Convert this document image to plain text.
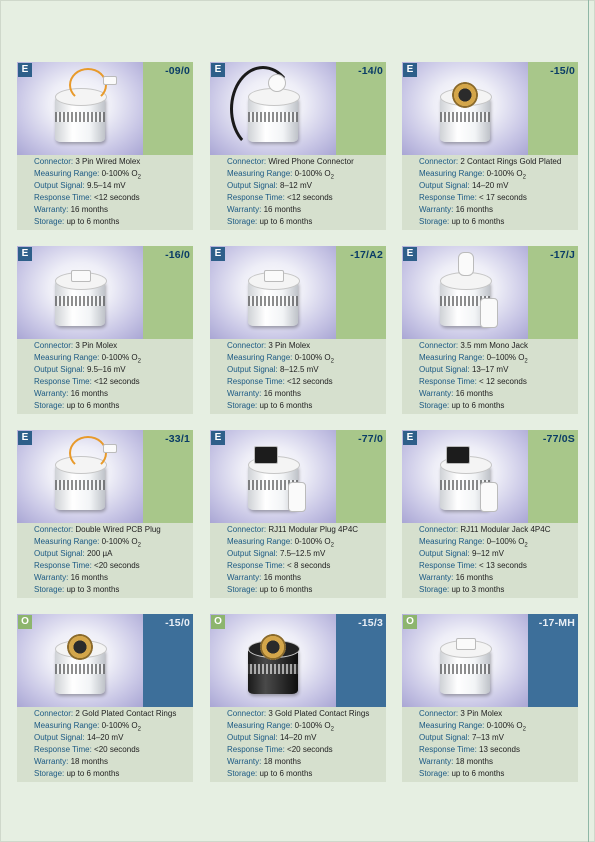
E	-09/0
Connector: 3 Pin Wired Molex
Measuring Range: 0-100% $O_2$
Output Signal: 9.5–14 mV
Response Time: <12 seconds
Warranty: 16 months
Storage: up to 6 months
E	-14/0
Connector: Wired Phone Connector
Measuring Range: 0-100% $O_2$
Output Signal: 8–12 mV
Response Time: <12 seconds
Warranty: 16 months
Storage: up to 6 months
E	-15/0
Connector: 2 Contact Rings Gold Plated
Measuring Range: 0-100% $O_2$
Output Signal: 14–20 mV
Response Time: < 17 seconds
Warranty: 16 months
Storage: up to 6 months
E	-16/0
Connector: 3 Pin Molex
Measuring Range: 0-100% $O_2$
Output Signal: 9.5–16 mV
Response Time: <12 seconds
Warranty: 16 months
Storage: up to 6 months
E	-17/A2
Connector: 3 Pin Molex
Measuring Range: 0-100% $O_2$
Output Signal: 8–12.5 mV
Response Time: <12 seconds
Warranty: 16 months
Storage: up to 6 months
E	-17/J
Connector: 3.5 mm Mono Jack
Measuring Range: 0–100% $O_2$
Output Signal: 13–17 mV
Response Time: < 12 seconds
Warranty: 16 months
Storage: up to 6 months
E	-33/1
Connector: Double Wired PCB Plug
Measuring Range: 0-100% $O_2$
Output Signal: 200 µA
Response Time: <20 seconds
Warranty: 16 months
Storage: up to 3 months
E	-77/0
Connector: RJ11 Modular Plug 4P4C
Measuring Range: 0-100% $O_2$
Output Signal: 7.5–12.5 mV
Response Time: < 8 seconds
Warranty: 16 months
Storage: up to 6 months
E	-77/0S
Connector: RJ11 Modular Jack 4P4C
Measuring Range: 0–100% $O_2$
Output Signal: 9–12 mV
Response Time: < 13 seconds
Warranty: 16 months
Storage: up to 3 months
O	-15/0
Connector: 2 Gold Plated Contact Rings
Measuring Range: 0-100% $O_2$
Output Signal: 14–20 mV
Response Time: <20 seconds
Warranty: 18 months
Storage: up to 6 months
O	-15/3
Connector: 3 Gold Plated Contact Rings
Measuring Range: 0-100% $O_2$
Output Signal: 14–20 mV
Response Time: <20 seconds
Warranty: 18 months
Storage: up to 6 months
O	-17-MH
Connector: 3 Pin Molex
Measuring Range: 0-100% $O_2$
Output Signal: 7–13 mV
Response Time: 13 seconds
Warranty: 18 months
Storage: up to 6 months
